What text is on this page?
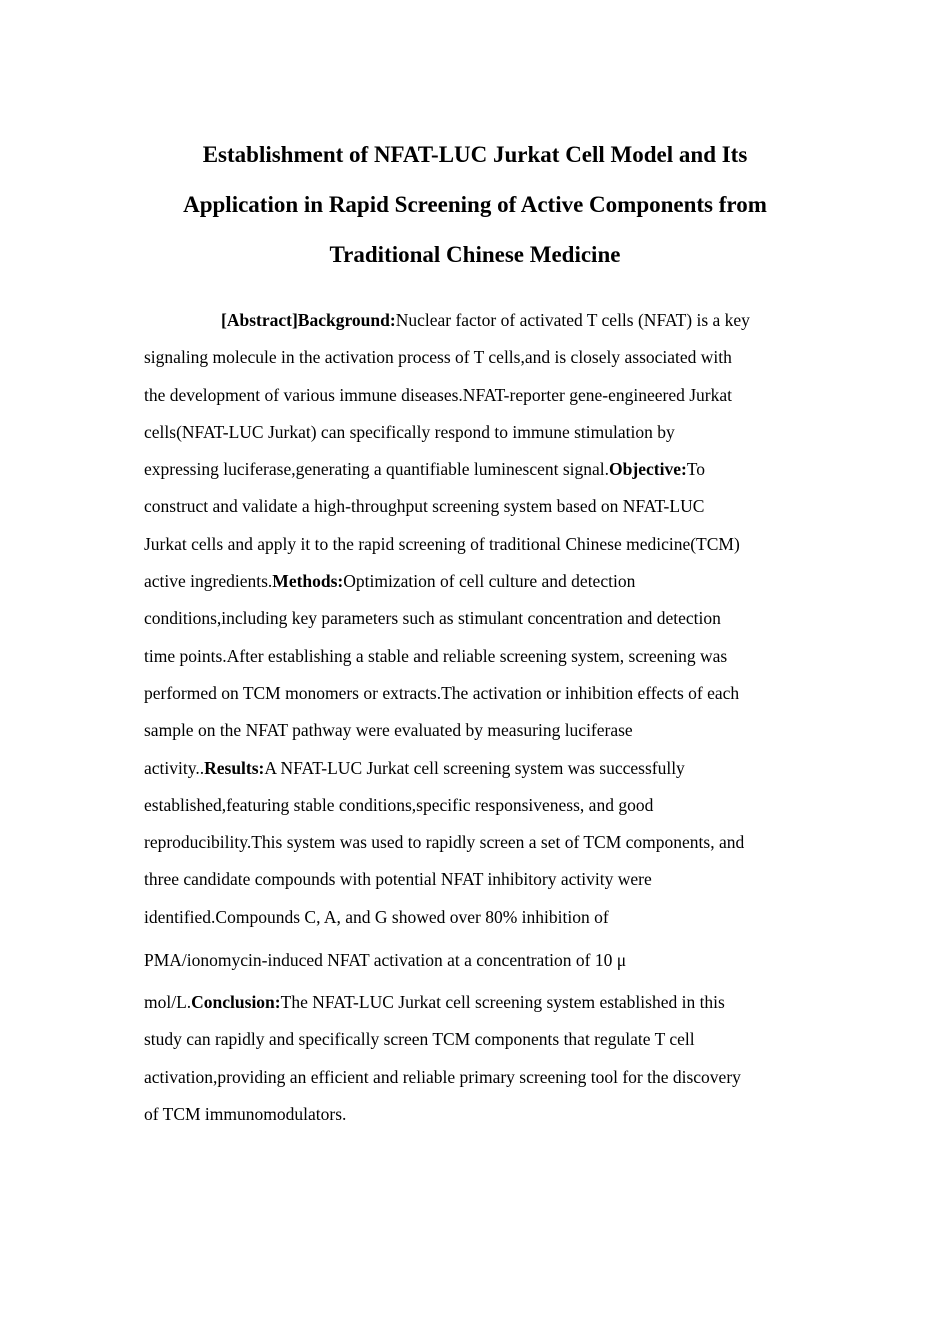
Establishment of NFAT-LUC Jurkat Cell Model and Its
Application in Rapid Screening of Active Components from
Traditional Chinese Medicine
[Abstract]Background:Nuclear factor of activated T cells (NFAT) is a key
signaling molecule in the activation process of T cells,and is closely associated with
the development of various immune diseases.NFAT-reporter gene-engineered Jurkat
cells(NFAT-LUC Jurkat) can specifically respond to immune stimulation by
expressing luciferase,generating a quantifiable luminescent signal.Objective:To
construct and validate a high-throughput screening system based on NFAT-LUC
Jurkat cells and apply it to the rapid screening of traditional Chinese medicine(TCM)
active ingredients.Methods:Optimization of cell culture and detection
conditions,including key parameters such as stimulant concentration and detection
time points.After establishing a stable and reliable screening system, screening was
performed on TCM monomers or extracts.The activation or inhibition effects of each
sample on the NFAT pathway were evaluated by measuring luciferase
activity..Results:A NFAT-LUC Jurkat cell screening system was successfully
established,featuring stable conditions,specific responsiveness, and good
reproducibility.This system was used to rapidly screen a set of TCM components, and
three candidate compounds with potential NFAT inhibitory activity were
identified.Compounds C, A, and G showed over 80% inhibition of
PMA/ionomycin-induced NFAT activation at a concentration of 10 μ
mol/L.Conclusion:The NFAT-LUC Jurkat cell screening system established in this
study can rapidly and specifically screen TCM components that regulate T cell
activation,providing an efficient and reliable primary screening tool for the discovery
of TCM immunomodulators.
